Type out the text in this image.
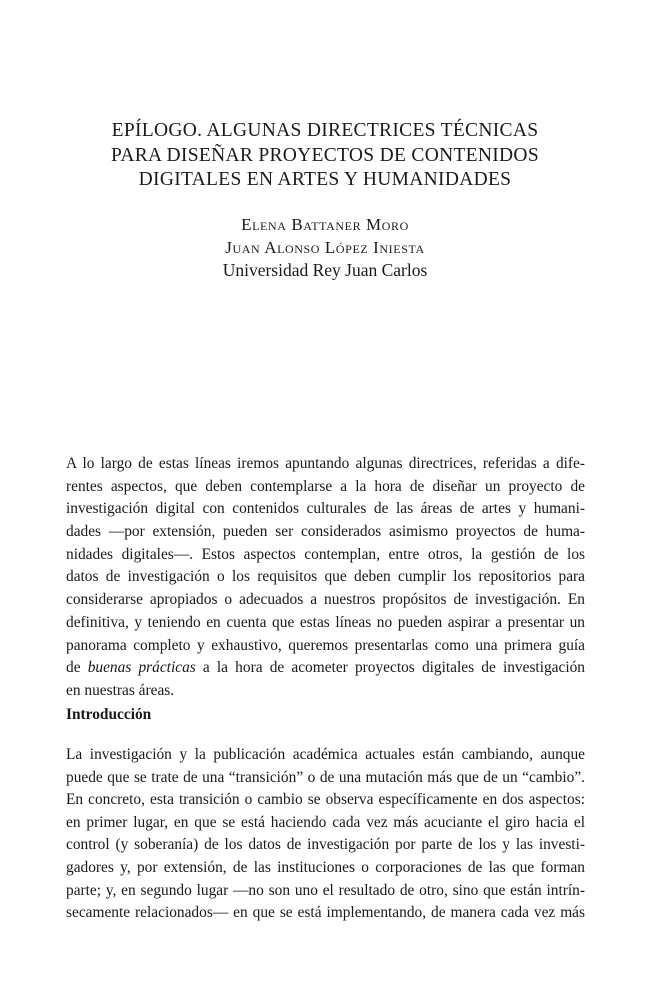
EPÍLOGO. ALGUNAS DIRECTRICES TÉCNICAS
PARA DISEÑAR PROYECTOS DE CONTENIDOS
DIGITALES EN ARTES Y HUMANIDADES
Elena Battaner Moro
Juan Alonso López Iniesta
Universidad Rey Juan Carlos

A lo largo de estas líneas iremos apuntando algunas directrices, referidas a dife-
rentes aspectos, que deben contemplarse a la hora de diseñar un proyecto de
investigación digital con contenidos culturales de las áreas de artes y humani-
dades —por extensión, pueden ser considerados asimismo proyectos de huma-
nidades digitales—. Estos aspectos contemplan, entre otros, la gestión de los
datos de investigación o los requisitos que deben cumplir los repositorios para
considerarse apropiados o adecuados a nuestros propósitos de investigación. En
definitiva, y teniendo en cuenta que estas líneas no pueden aspirar a presentar un
panorama completo y exhaustivo, queremos presentarlas como una primera guía
de buenas prácticas a la hora de acometer proyectos digitales de investigación
en nuestras áreas.

Introducción

La investigación y la publicación académica actuales están cambiando, aunque
puede que se trate de una “transición” o de una mutación más que de un “cambio”.
En concreto, esta transición o cambio se observa específicamente en dos aspectos:
en primer lugar, en que se está haciendo cada vez más acuciante el giro hacia el
control (y soberanía) de los datos de investigación por parte de los y las investi-
gadores y, por extensión, de las instituciones o corporaciones de las que forman
parte; y, en segundo lugar —no son uno el resultado de otro, sino que están intrín-
secamente relacionados— en que se está implementando, de manera cada vez más
